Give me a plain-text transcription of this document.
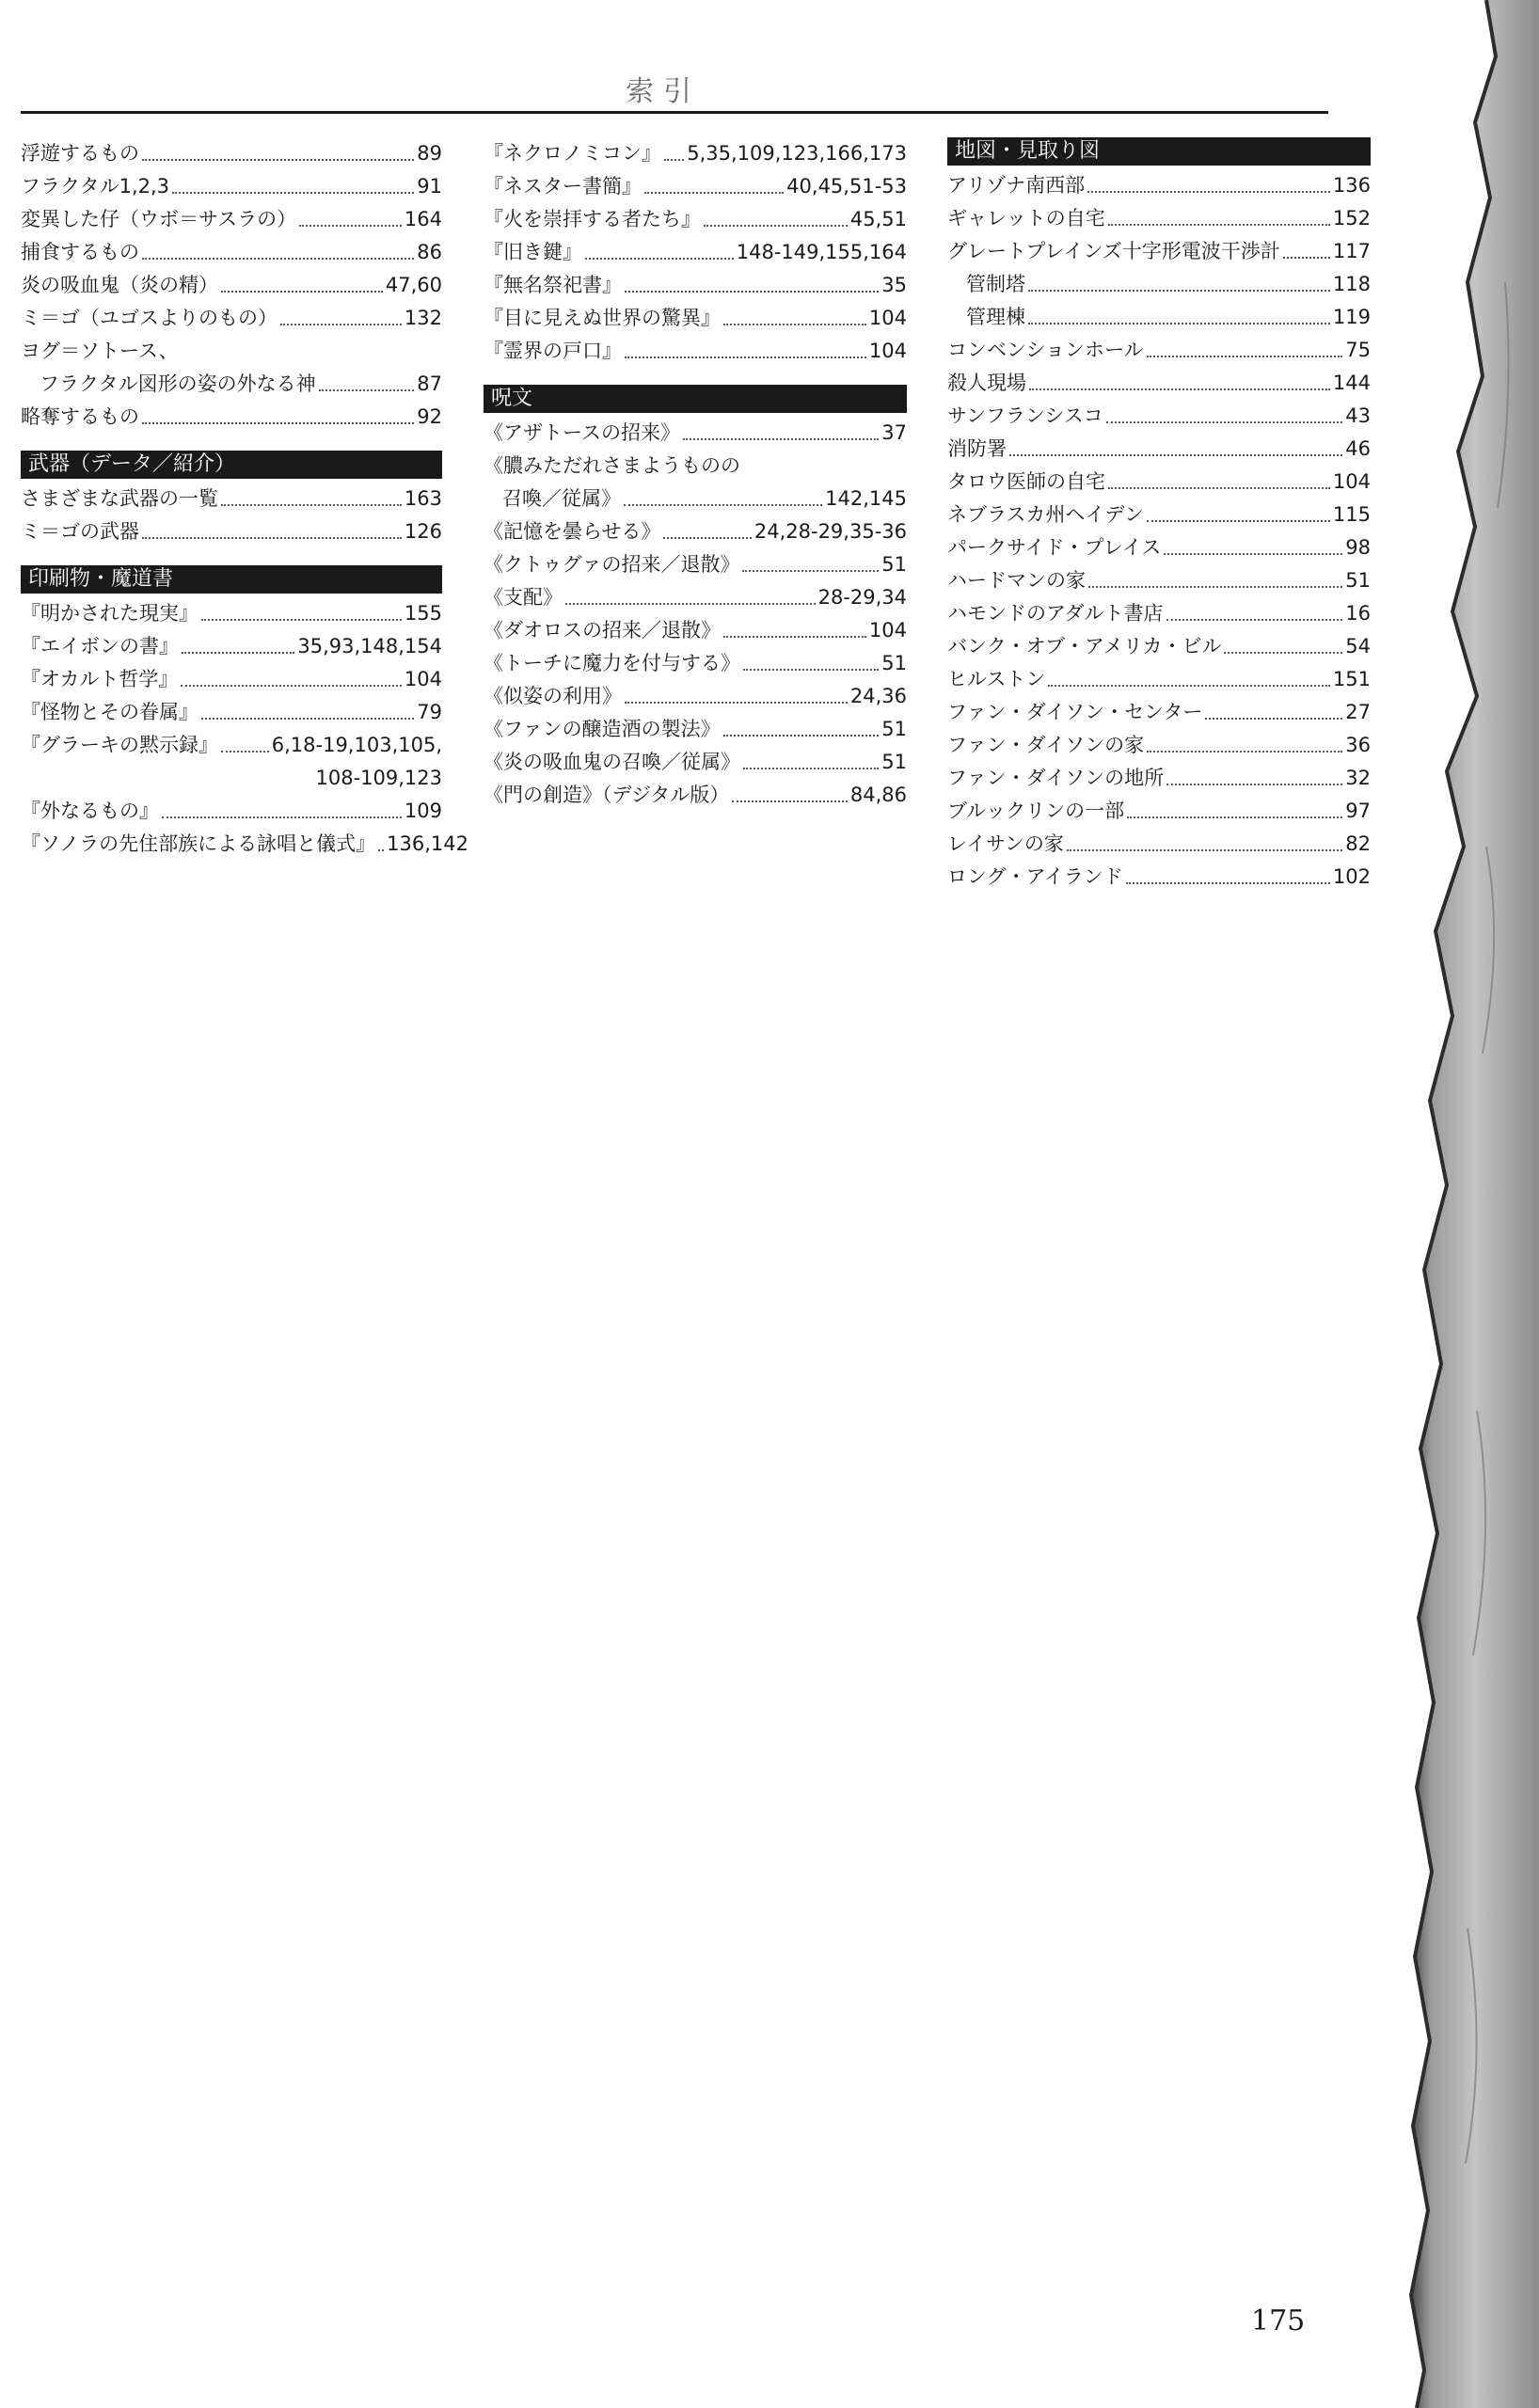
索引
浮遊するもの	89
フラクタル1,2,3	91
変異した仔（ウボ＝サスラの）	164
捕食するもの	86
炎の吸血鬼（炎の精）	47,60
ミ＝ゴ（ユゴスよりのもの）	132
ヨグ＝ソトース、
フラクタル図形の姿の外なる神	87
略奪するもの	92
武器（データ／紹介）
さまざまな武器の一覧	163
ミ＝ゴの武器	126
印刷物・魔道書
『明かされた現実』	155
『エイボンの書』	35,93,148,154
『オカルト哲学』	104
『怪物とその眷属』	79
『グラーキの黙示録』	6,18-19,103,105,
108-109,123
『外なるもの』	109
『ソノラの先住部族による詠唱と儀式』 136,142
『ネクロノミコン』 5,35,109,123,166,173
『ネスター書簡』	40,45,51-53
『火を崇拝する者たち』	45,51
『旧き鍵』	148-149,155,164
『無名祭祀書』	35
『目に見えぬ世界の驚異』	104
『霊界の戸口』	104
呪文
《アザトースの招来》	37
《膿みただれさまようものの
召喚／従属》	142,145
《記憶を曇らせる》	24,28-29,35-36
《クトゥグァの招来／退散》	51
《支配》	28-29,34
《ダオロスの招来／退散》	104
《トーチに魔力を付与する》	51
《似姿の利用》	24,36
《ファンの醸造酒の製法》	51
《炎の吸血鬼の召喚／従属》	51
《門の創造》（デジタル版）	84,86
地図・見取り図
アリゾナ南西部	136
ギャレットの自宅	152
グレートプレインズ十字形電波干渉計	117
管制塔	118
管理棟	119
コンベンションホール	75
殺人現場	144
サンフランシスコ	43
消防署	46
タロウ医師の自宅	104
ネブラスカ州ヘイデン	115
パークサイド・プレイス	98
ハードマンの家	51
ハモンドのアダルト書店	16
バンク・オブ・アメリカ・ビル	54
ヒルストン	151
ファン・ダイソン・センター	27
ファン・ダイソンの家	36
ファン・ダイソンの地所	32
ブルックリンの一部	97
レイサンの家	82
ロング・アイランド	102
175
